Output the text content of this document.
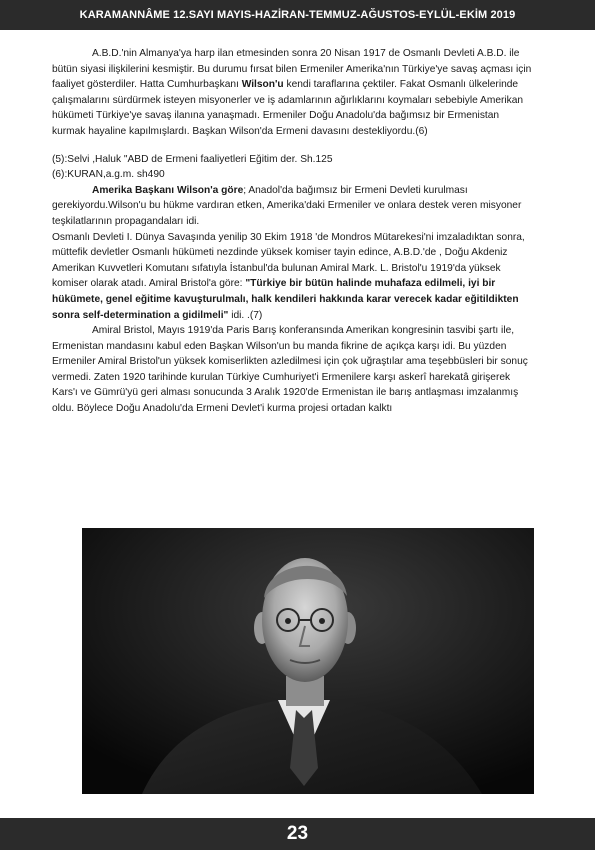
KARAMANNÂME 12.SAYI MAYIS-HAZİRAN-TEMMUZ-AĞUSTOS-EYLÜL-EKİM 2019

A.B.D.'nin Almanya'ya harp ilan etmesinden sonra 20 Nisan 1917 de Osmanlı Devleti A.B.D. ile bütün siyasi ilişkilerini kesmiştir. Bu durumu fırsat bilen Ermeniler Amerika'nın Türkiye'ye savaş açması için faaliyet gösterdiler. Hatta Cumhurbaşkanı Wilson'u kendi taraflarına çektiler. Fakat Osmanlı ülkelerinde çalışmalarını sürdürmek isteyen misyonerler ve iş adamlarının ağırlıklarını koymaları sebebiyle Amerikan hükümeti Türkiye'ye savaş ilanına yanaşmadı. Ermeniler Doğu Anadolu'da bağımsız bir Ermenistan kurmak hayaline kapılmışlardı. Başkan Wilson'da Ermeni davasını destekliyordu.(6)

(5):Selvi ,Haluk "ABD de Ermeni faaliyetleri Eğitim der. Sh.125

(6):KURAN,a.g.m. sh490

Amerika Başkanı Wilson'a göre; Anadol'da bağımsız bir Ermeni Devleti kurulması gerekiyordu.Wilson'u bu hükme vardıran etken, Amerika'daki Ermeniler ve onlara destek veren misyoner teşkilatlarının propagandaları idi.

Osmanlı Devleti I. Dünya Savaşında yenilip 30 Ekim 1918 'de Mondros Mütarekesi'ni imzaladıktan sonra, müttefik devletler Osmanlı hükümeti nezdinde yüksek komiser tayin edince, A.B.D.'de , Doğu Akdeniz Amerikan Kuvvetleri Komutanı sıfatıyla İstanbul'da bulunan Amiral Mark. L. Bristol'u 1919'da yüksek komiser olarak atadı. Amiral Bristol'a göre: "Türkiye bir bütün halinde muhafaza edilmeli, iyi bir hükümete, genel eğitime kavuşturulmalı, halk kendileri hakkında karar verecek kadar eğitildikten sonra self-determination a gidilmeli" idi. .(7)

Amiral Bristol, Mayıs 1919'da Paris Barış konferansında Amerikan kongresinin tasvibi şartı ile, Ermenistan mandasını kabul eden Başkan Wilson'un bu manda fikrine de açıkça karşı idi. Bu yüzden Ermeniler Amiral Bristol'un yüksek komiserlikten azledilmesi için çok uğraştılar ama teşebbüsleri bir sonuç vermedi. Zaten 1920 tarihinde kurulan Türkiye Cumhuriyet'i Ermenilere karşı askerî harekatâ girişerek Kars'ı ve Gümrü'yü geri alması sonucunda 3 Aralık 1920'de Ermenistan ile barış antlaşması imzalanmış oldu. Böylece Doğu Anadolu'da Ermeni Devlet'i kurma projesi ortadan kalktı

23
